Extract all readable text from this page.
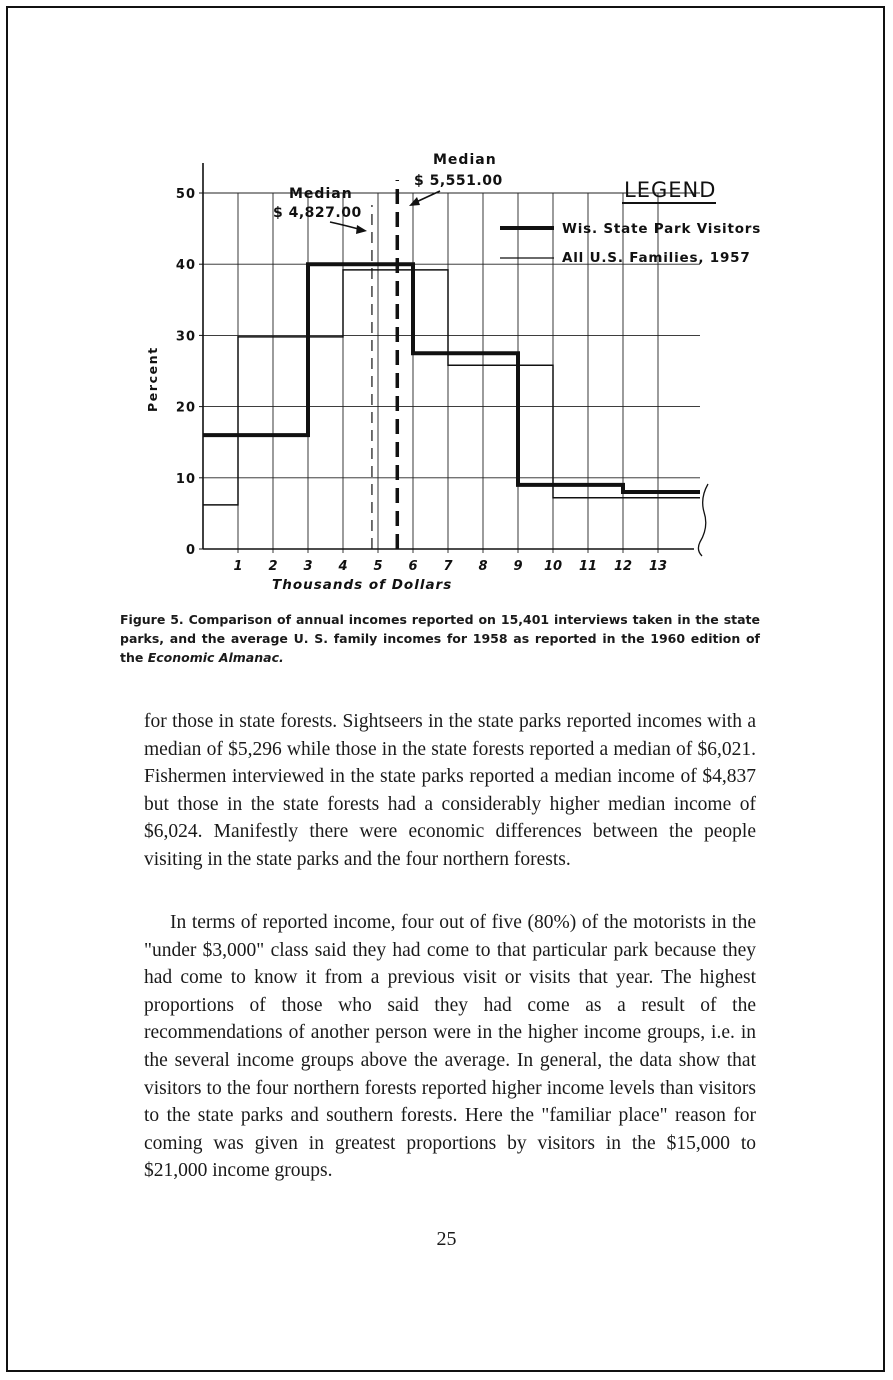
0
10
20
30
40
50
1 2 3 4 5 6 7 8 9 10 11 12 13
LEGEND
Wis. State Park Visitors
All U.S. Families, 1957
Median
$ 4,827.00
Median
$ 5,551.00
Thousands of Dollars
Percent
Figure 5. Comparison of annual incomes reported on 15,401 interviews taken in the state parks, and the average U. S. family incomes for 1958 as reported in the 1960 edition of the Economic Almanac.
for those in state forests. Sightseers in the state parks reported incomes with a median of $5,296 while those in the state forests reported a median of $6,021. Fishermen interviewed in the state parks reported a median income of $4,837 but those in the state forests had a considerably higher median income of $6,024. Manifestly there were economic differences between the people visiting in the state parks and the four northern forests.
In terms of reported income, four out of five (80%) of the motorists in the "under $3,000" class said they had come to that particular park because they had come to know it from a previous visit or visits that year. The highest proportions of those who said they had come as a result of the recommendations of another person were in the higher income groups, i.e. in the several income groups above the average. In general, the data show that visitors to the four northern forests reported higher income levels than visitors to the state parks and southern forests. Here the "familiar place" reason for coming was given in greatest proportions by visitors in the $15,000 to $21,000 income groups.
25
